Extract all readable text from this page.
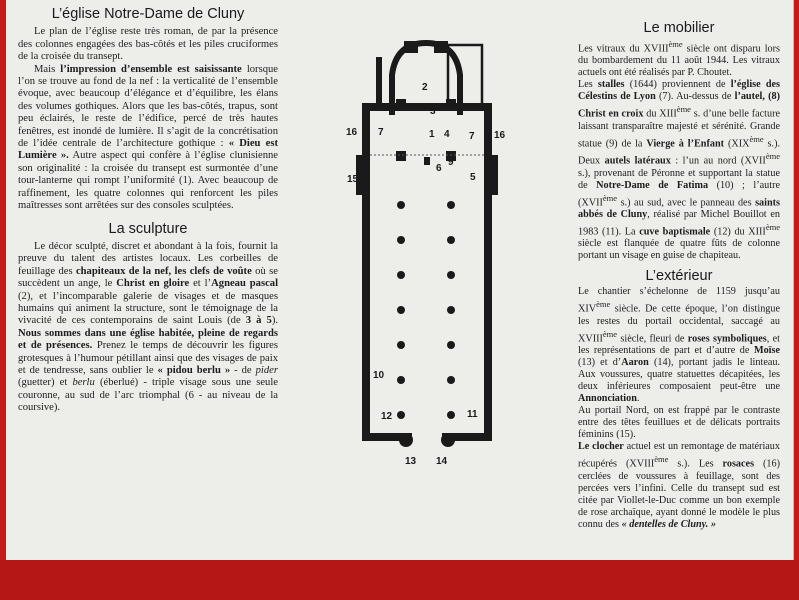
L’église Notre-Dame de Cluny

Le plan de l’église reste très roman, de par la présence des colonnes engagées des bas-côtés et les piles cruciformes de la croisée du transept.
Mais l’impression d’ensemble est saisissante lorsque l’on se trouve au fond de la nef : la verticalité de l’ensemble évoque, avec beaucoup d’élégance et d’équilibre, les élans des volumes gothiques. Alors que les bas-côtés, trapus, sont peu éclairés, le reste de l’édifice, percé de très hautes fenêtres, est inondé de lumière. Il s’agit de la concrétisation de l’idée centrale de l’architecture gothique : « Dieu est Lumière ». Autre aspect qui confère à l’église clunisienne son originalité : la croisée du transept est surmontée d’une tour-lanterne qui rompt l’uniformité (1). Avec beaucoup de raffinement, les quatre colonnes qui renforcent les piles maîtresses sont arrêtées sur des consoles sculptées.

La sculpture

Le décor sculpté, discret et abondant à la fois, fournit la preuve du talent des artistes locaux. Les corbeilles de feuillage des chapiteaux de la nef, les clefs de voûte où se succèdent un ange, le Christ en gloire et l’Agneau pascal (2), et l’incomparable galerie de visages et de masques humains qui animent la structure, sont le témoignage de la vivacité de ces contemporains de saint Louis (de 3 à 5). Nous sommes dans une église habitée, pleine de regards et de présences. Prenez le temps de découvrir les figures grotesques à l’humour pétillant ainsi que des visages de paix et de tendresse, sans oublier le « pidou berlu » - de pider (guetter) et berlu (éberlué) - triple visage sous une seule couronne, au sud de l’arc triomphal (6 - au niveau de la coursive).

1
2
3
4
5
6
7	7
8 9
10
11
12
13 14
15
16	16
Le mobilier

Les vitraux du XVIIIème siècle ont disparu lors du bombardement du 11 août 1944. Les vitraux actuels ont été réalisés par P. Choutet.
Les stalles (1644) proviennent de l’église des Célestins de Lyon (7). Au-dessus de l’autel, (8) Christ en croix du XIIIème s. d’une belle facture laissant transparaître majesté et sérénité. Grande statue (9) de la Vierge à l’Enfant (XIXème s.). Deux autels latéraux : l’un au nord (XVIIème s.), provenant de Péronne et supportant la statue de Notre-Dame de Fatima (10) ; l’autre (XVIIème s.) au sud, avec le panneau des saints abbés de Cluny, réalisé par Michel Bouillot en 1983 (11). La cuve baptismale (12) du XIIIème siècle est flanquée de quatre fûts de colonne portant un visage en guise de chapiteau.

L’extérieur

Le chantier s’échelonne de 1159 jusqu’au XIVème siècle. De cette époque, l’on distingue les restes du portail occidental, saccagé au XVIIIème siècle, fleuri de roses symboliques, et les représentations de part et d’autre de Moïse (13) et d’Aaron (14), portant jadis le linteau. Aux voussures, quatre statuettes décapitées, les deux inférieures composaient peut-être une Annonciation.
Au portail Nord, on est frappé par le contraste entre des têtes feuillues et de délicats portraits féminins (15).
Le clocher actuel est un remontage de matériaux récupérés (XVIIIème s.). Les rosaces (16) cerclées de voussures à feuillage, sont des percées vers l’infini. Celle du transept sud est citée par Viollet-le-Duc comme un bon exemple de rose archaïque, ayant donné le modèle le plus connu des « dentelles de Cluny. »
